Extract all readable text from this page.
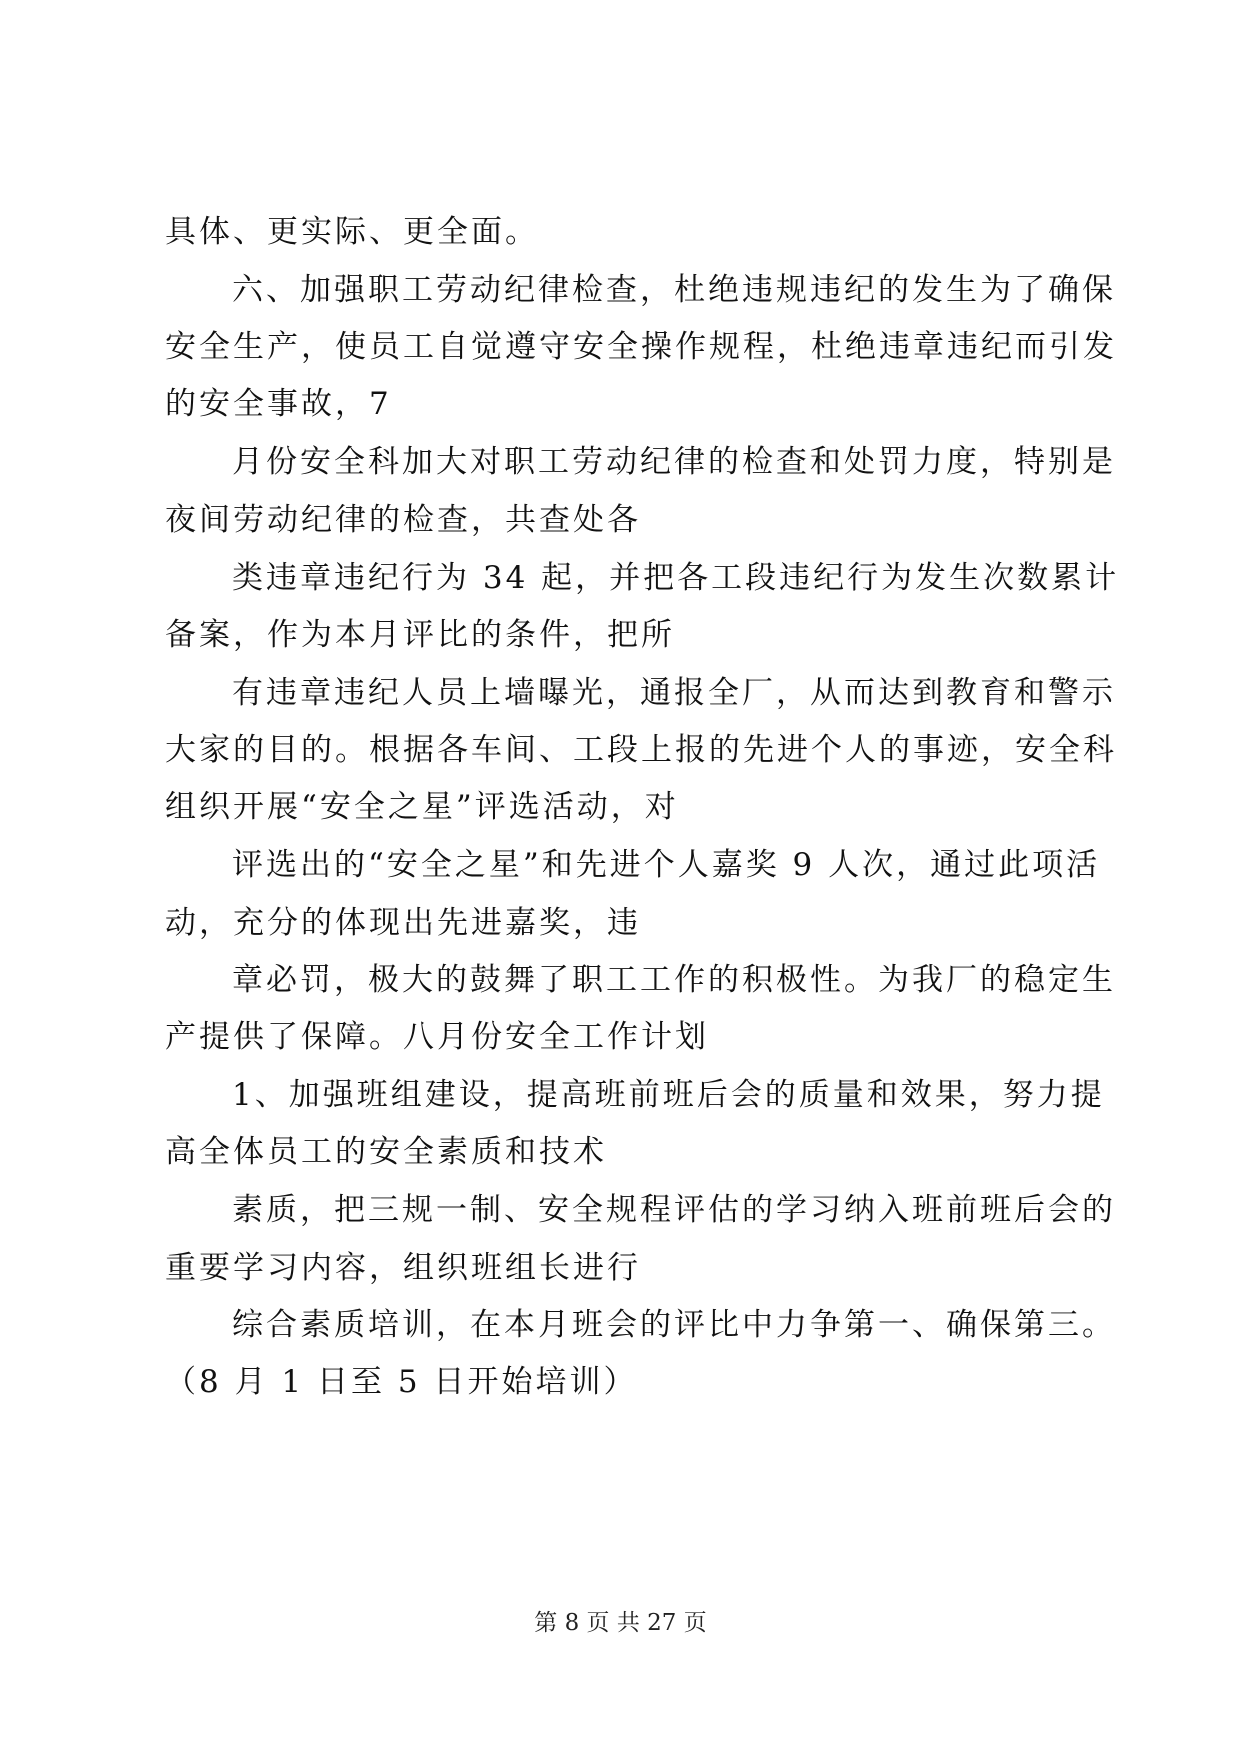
具体、更实际、更全面。
六、加强职工劳动纪律检查，杜绝违规违纪的发生为了确保
安全生产，使员工自觉遵守安全操作规程，杜绝违章违纪而引发
的安全事故，7
月份安全科加大对职工劳动纪律的检查和处罚力度，特别是
夜间劳动纪律的检查，共查处各
类违章违纪行为 34 起，并把各工段违纪行为发生次数累计
备案，作为本月评比的条件，把所
有违章违纪人员上墙曝光，通报全厂，从而达到教育和警示
大家的目的。根据各车间、工段上报的先进个人的事迹，安全科
组织开展“安全之星”评选活动，对
评选出的“安全之星”和先进个人嘉奖 9 人次，通过此项活
动，充分的体现出先进嘉奖，违
章必罚，极大的鼓舞了职工工作的积极性。为我厂的稳定生
产提供了保障。八月份安全工作计划
1、加强班组建设，提高班前班后会的质量和效果，努力提
高全体员工的安全素质和技术
素质，把三规一制、安全规程评估的学习纳入班前班后会的
重要学习内容，组织班组长进行
综合素质培训，在本月班会的评比中力争第一、确保第三。
（8 月 1 日至 5 日开始培训）
第 8 页 共 27 页
